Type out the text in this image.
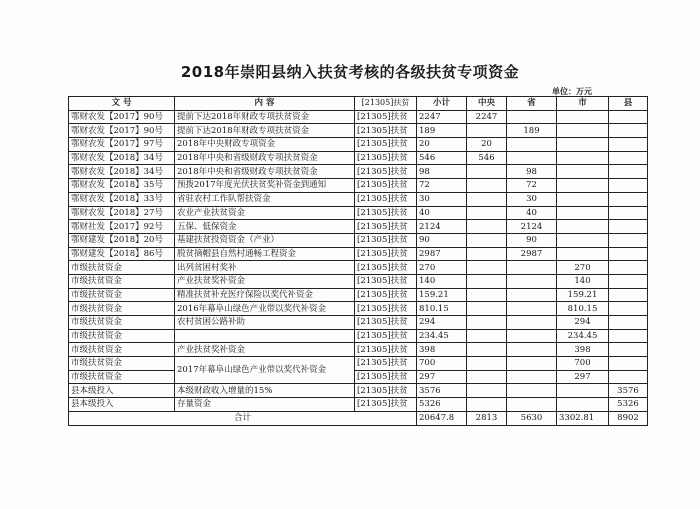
2018年崇阳县纳入扶贫考核的各级扶贫专项资金
单位：万元
文 号	内 容	[21305]扶贫	小计	中央	省	市	县
鄂财农发【2017】90号	提前下达2018年财政专项扶贫资金	[21305]扶贫	2247	2247			
鄂财农发【2017】90号	提前下达2018年财政专项扶贫资金	[21305]扶贫	189		189		
鄂财农发【2017】97号	2018年中央财政专项资金	[21305]扶贫	20	20			
鄂财农发【2018】34号	2018年中央和省级财政专项扶贫资金	[21305]扶贫	546	546			
鄂财农发【2018】34号	2018年中央和省级财政专项扶贫资金	[21305]扶贫	98		98		
鄂财农发【2018】35号	预拨2017年度光伏扶贫奖补资金到通知	[21305]扶贫	72		72		
鄂财农发【2018】33号	省驻农村工作队帮扶资金	[21305]扶贫	30		30		
鄂财农发【2018】27号	农业产业扶贫资金	[21305]扶贫	40		40		
鄂财社发【2017】92号	五保、低保资金	[21305]扶贫	2124		2124		
鄂财建发【2018】20号	基建扶贫投资资金（产业）	[21305]扶贫	90		90		
鄂财建发【2018】86号	脱贫摘帽县自然村通畅工程资金	[21305]扶贫	2987		2987		
市级扶贫资金	出列贫困村奖补	[21305]扶贫	270			270	
市级扶贫资金	产业扶贫奖补资金	[21305]扶贫	140			140	
市级扶贫资金	精准扶贫补充医疗保险以奖代补资金	[21305]扶贫	159.21			159.21	
市级扶贫资金	2016年幕阜山绿色产业带以奖代补资金	[21305]扶贫	810.15			810.15	
市级扶贫资金	农村贫困公路补助	[21305]扶贫	294			294	
市级扶贫资金		[21305]扶贫	234.45			234.45	
市级扶贫资金	产业扶贫奖补资金	[21305]扶贫	398			398	
市级扶贫资金	2017年幕阜山绿色产业带以奖代补资金	[21305]扶贫	700			700	
市级扶贫资金		[21305]扶贫	297			297	
县本级投入	本级财政收入增量的15%	[21305]扶贫	3576				3576
县本级投入	存量资金	[21305]扶贫	5326				5326
合计			20647.8	2813	5630	3302.81	8902
